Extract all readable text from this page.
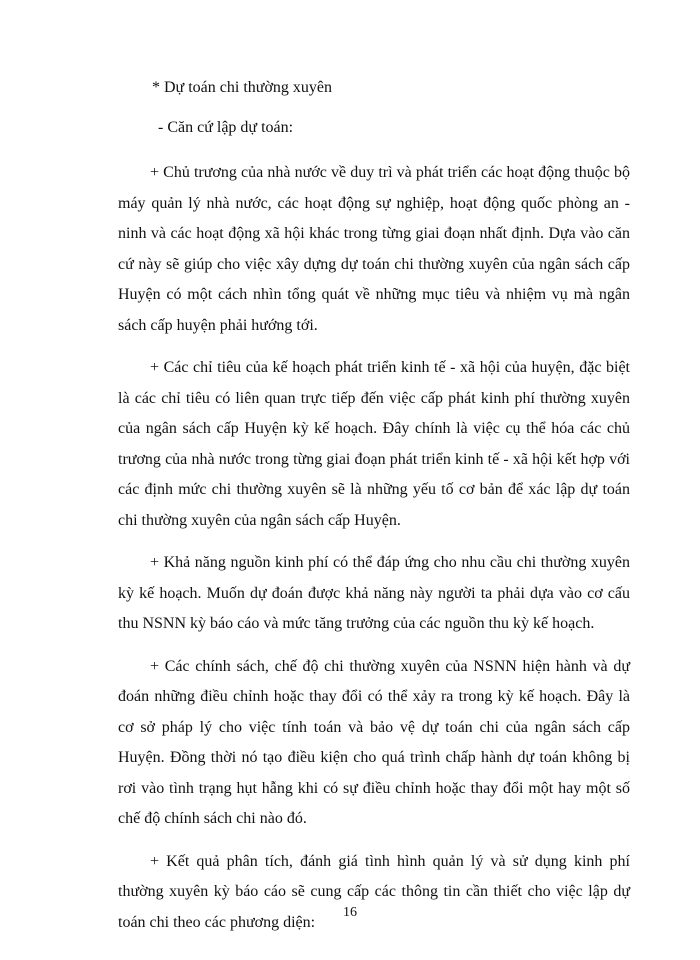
* Dự toán chi thường xuyên

- Căn cứ lập dự toán:

+ Chủ trương của nhà nước về duy trì và phát triển các hoạt động thuộc bộ máy quản lý nhà nước, các hoạt động sự nghiệp, hoạt động quốc phòng an - ninh và các hoạt động xã hội khác trong từng giai đoạn nhất định. Dựa vào căn cứ này sẽ giúp cho việc xây dựng dự toán chi thường xuyên của ngân sách cấp Huyện có một cách nhìn tổng quát về những mục tiêu và nhiệm vụ mà ngân sách cấp huyện phải hướng tới.

+ Các chỉ tiêu của kế hoạch phát triển kinh tế - xã hội của huyện, đặc biệt là các chỉ tiêu có liên quan trực tiếp đến việc cấp phát kinh phí thường xuyên của ngân sách cấp Huyện kỳ kế hoạch. Đây chính là việc cụ thể hóa các chủ trương của nhà nước trong từng giai đoạn phát triển kinh tế - xã hội kết hợp với các định mức chi thường xuyên sẽ là những yếu tố cơ bản để xác lập dự toán chi thường xuyên của ngân sách cấp Huyện.

+ Khả năng nguồn kinh phí có thể đáp ứng cho nhu cầu chi thường xuyên kỳ kế hoạch. Muốn dự đoán được khả năng này người ta phải dựa vào cơ cấu thu NSNN kỳ báo cáo và mức tăng trưởng của các nguồn thu kỳ kế hoạch.

+ Các chính sách, chế độ chi thường xuyên của NSNN hiện hành và dự đoán những điều chỉnh hoặc thay đổi có thể xảy ra trong kỳ kế hoạch. Đây là cơ sở pháp lý cho việc tính toán và bảo vệ dự toán chi của ngân sách cấp Huyện. Đồng thời nó tạo điều kiện cho quá trình chấp hành dự toán không bị rơi vào tình trạng hụt hẫng khi có sự điều chỉnh hoặc thay đổi một hay một số chế độ chính sách chi nào đó.

+ Kết quả phân tích, đánh giá tình hình quản lý và sử dụng kinh phí thường xuyên kỳ báo cáo sẽ cung cấp các thông tin cần thiết cho việc lập dự toán chi theo các phương diện:

16
